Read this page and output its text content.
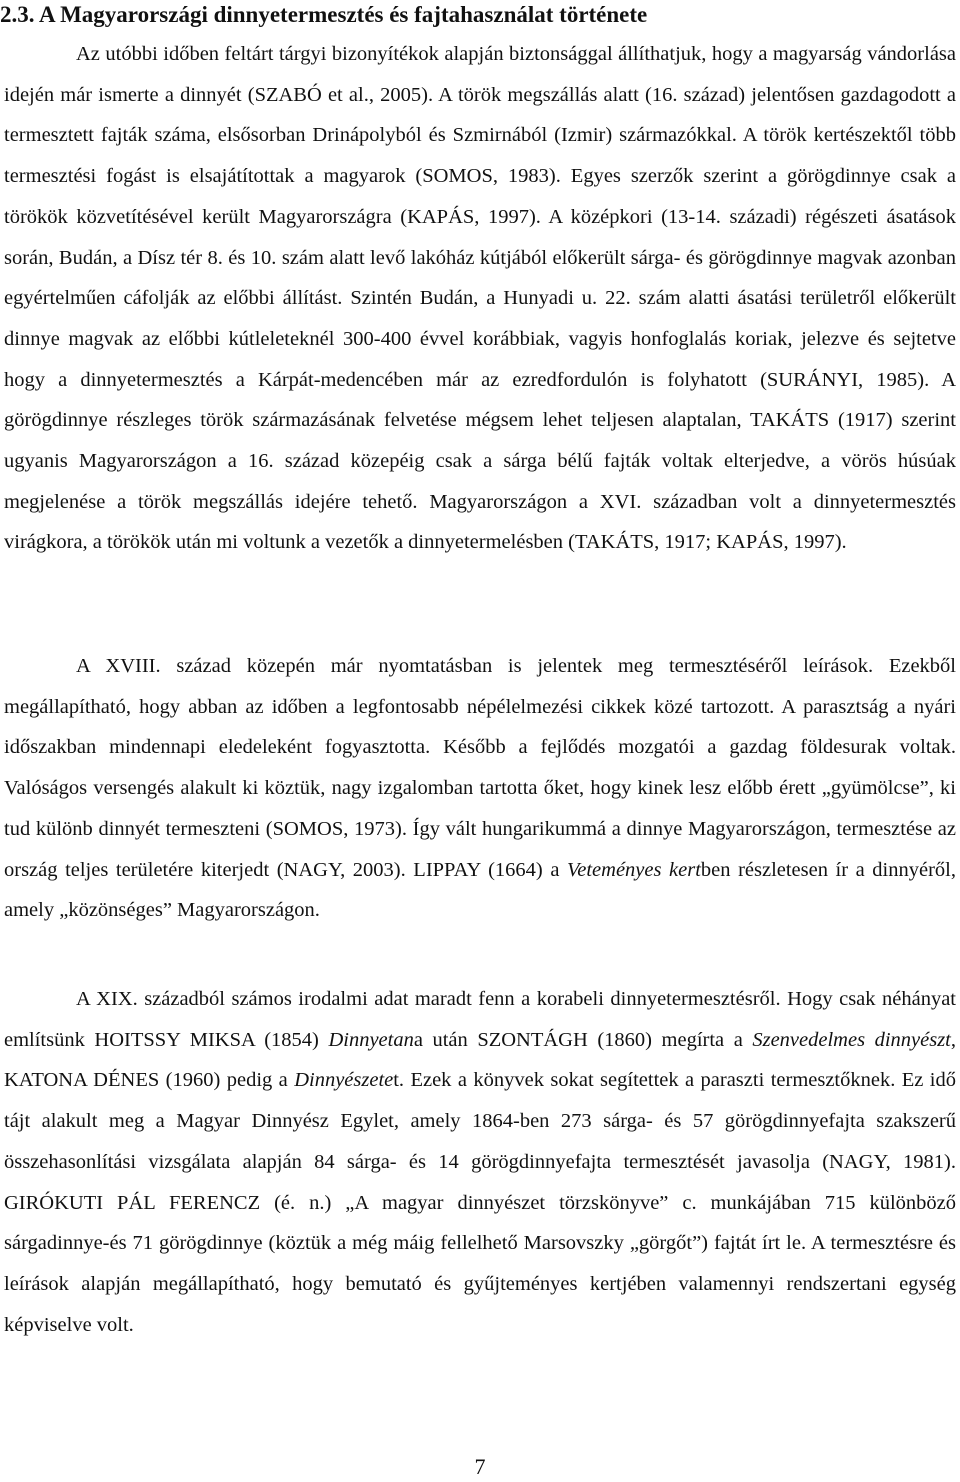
2.3. A Magyarországi dinnyetermesztés és fajtahasználat története

Az utóbbi időben feltárt tárgyi bizonyítékok alapján biztonsággal állíthatjuk, hogy a magyarság vándorlása idején már ismerte a dinnyét (SZABÓ et al., 2005). A török megszállás alatt (16. század) jelentősen gazdagodott a termesztett fajták száma, elsősorban Drinápolyból és Szmirnából (Izmir) származókkal. A török kertészektől több termesztési fogást is elsajátítottak a magyarok (SOMOS, 1983). Egyes szerzők szerint a görögdinnye csak a törökök közvetítésével került Magyarországra (KAPÁS, 1997). A középkori (13-14. századi) régészeti ásatások során, Budán, a Dísz tér 8. és 10. szám alatt levő lakóház kútjából előkerült sárga- és görögdinnye magvak azonban egyértelműen cáfolják az előbbi állítást. Szintén Budán, a Hunyadi u. 22. szám alatti ásatási területről előkerült dinnye magvak az előbbi kútleleteknél 300-400 évvel korábbiak, vagyis honfoglalás koriak, jelezve és sejtetve hogy a dinnyetermesztés a Kárpát-medencében már az ezredfordulón is folyhatott (SURÁNYI, 1985). A görögdinnye részleges török származásának felvetése mégsem lehet teljesen alaptalan, TAKÁTS (1917) szerint ugyanis Magyarországon a 16. század közepéig csak a sárga bélű fajták voltak elterjedve, a vörös húsúak megjelenése a török megszállás idejére tehető. Magyarországon a XVI. században volt a dinnyetermesztés virágkora, a törökök után mi voltunk a vezetők a dinnyetermelésben (TAKÁTS, 1917; KAPÁS, 1997).

A XVIII. század közepén már nyomtatásban is jelentek meg termesztéséről leírások. Ezekből megállapítható, hogy abban az időben a legfontosabb népélelmezési cikkek közé tartozott. A parasztság a nyári időszakban mindennapi eledeleként fogyasztotta. Később a fejlődés mozgatói a gazdag földesurak voltak. Valóságos versengés alakult ki köztük, nagy izgalomban tartotta őket, hogy kinek lesz előbb érett „gyümölcse”, ki tud különb dinnyét termeszteni (SOMOS, 1973). Így vált hungarikummá a dinnye Magyarországon, termesztése az ország teljes területére kiterjedt (NAGY, 2003). LIPPAY (1664) a Veteményes kertben részletesen ír a dinnyéről, amely „közönséges” Magyarországon.

A XIX. századból számos irodalmi adat maradt fenn a korabeli dinnyetermesztésről. Hogy csak néhányat említsünk HOITSSY MIKSA (1854) Dinnyetana után SZONTÁGH (1860) megírta a Szenvedelmes dinnyészt, KATONA DÉNES (1960) pedig a Dinnyészetet. Ezek a könyvek sokat segítettek a paraszti termesztőknek. Ez idő tájt alakult meg a Magyar Dinnyész Egylet, amely 1864-ben 273 sárga- és 57 görögdinnyefajta szakszerű összehasonlítási vizsgálata alapján 84 sárga- és 14 görögdinnyefajta termesztését javasolja (NAGY, 1981). GIRÓKUTI PÁL FERENCZ (é. n.) „A magyar dinnyészet törzskönyve” c. munkájában 715 különböző sárgadinnye-és 71 görögdinnye (köztük a még máig fellelhető Marsovszky „görgőt”) fajtát írt le. A termesztésre és leírások alapján megállapítható, hogy bemutató és gyűjteményes kertjében valamennyi rendszertani egység képviselve volt.

7
